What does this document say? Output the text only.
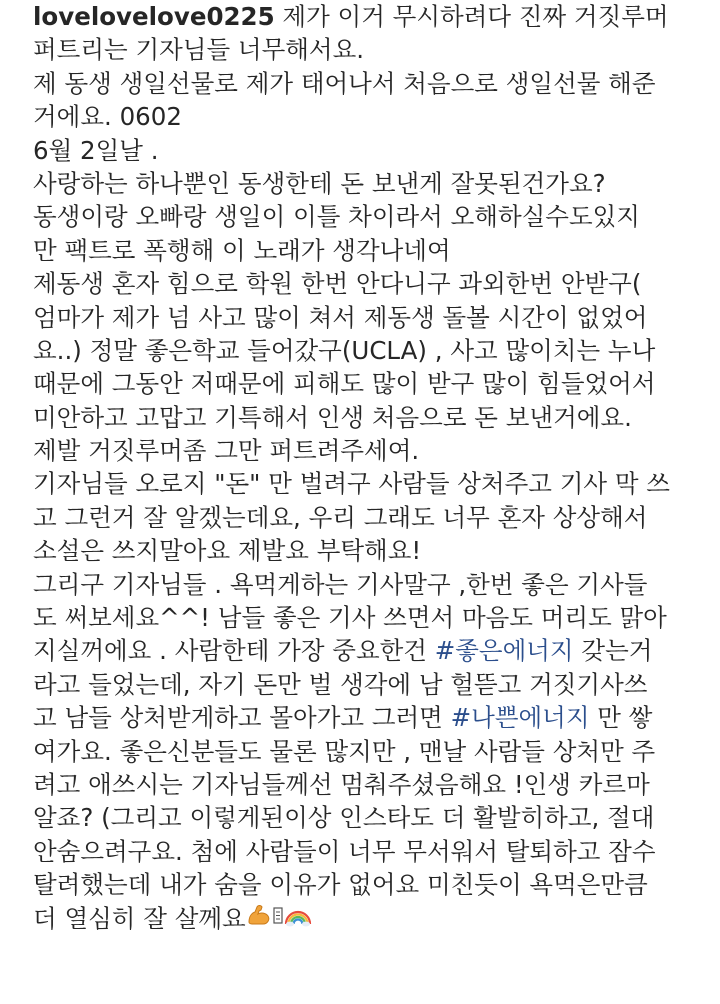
lovelovelove0225 제가 이거 무시하려다 진짜 거짓루머
퍼트리는 기자님들 너무해서요.
제 동생 생일선물로 제가 태어나서 처음으로 생일선물 해준
거에요. 0602
6월 2일날 .
사랑하는 하나뿐인 동생한테 돈 보낸게 잘못된건가요?
동생이랑 오빠랑 생일이 이틀 차이라서 오해하실수도있지
만 팩트로 폭행해 이 노래가 생각나네여
제동생 혼자 힘으로 학원 한번 안다니구 과외한번 안받구(
엄마가 제가 넘 사고 많이 쳐서 제동생 돌볼 시간이 없었어
요..) 정말 좋은학교 들어갔구(UCLA) , 사고 많이치는 누나
때문에 그동안 저때문에 피해도 많이 받구 많이 힘들었어서
미안하고 고맙고 기특해서 인생 처음으로 돈 보낸거에요.
제발 거짓루머좀 그만 퍼트려주세여.
기자님들 오로지 "돈" 만 벌려구 사람들 상처주고 기사 막 쓰
고 그런거 잘 알겠는데요, 우리 그래도 너무 혼자 상상해서
소설은 쓰지말아요 제발요 부탁해요!
그리구 기자님들 . 욕먹게하는 기사말구 ,한번 좋은 기사들
도 써보세요^^! 남들 좋은 기사 쓰면서 마음도 머리도 맑아
지실꺼에요 . 사람한테 가장 중요한건 #좋은에너지 갖는거
라고 들었는데, 자기 돈만 벌 생각에 남 헐뜯고 거짓기사쓰
고 남들 상처받게하고 몰아가고 그러면 #나쁜에너지 만 쌓
여가요. 좋은신분들도 물론 많지만 , 맨날 사람들 상처만 주
려고 애쓰시는 기자님들께선 멈춰주셨음해요 !인생 카르마
알죠? (그리고 이렇게된이상 인스타도 더 활발히하고, 절대
안숨으려구요. 첨에 사람들이 너무 무서워서 탈퇴하고 잠수
탈려했는데 내가 숨을 이유가 없어요 미친듯이 욕먹은만큼
더 열심히 잘 살께요
